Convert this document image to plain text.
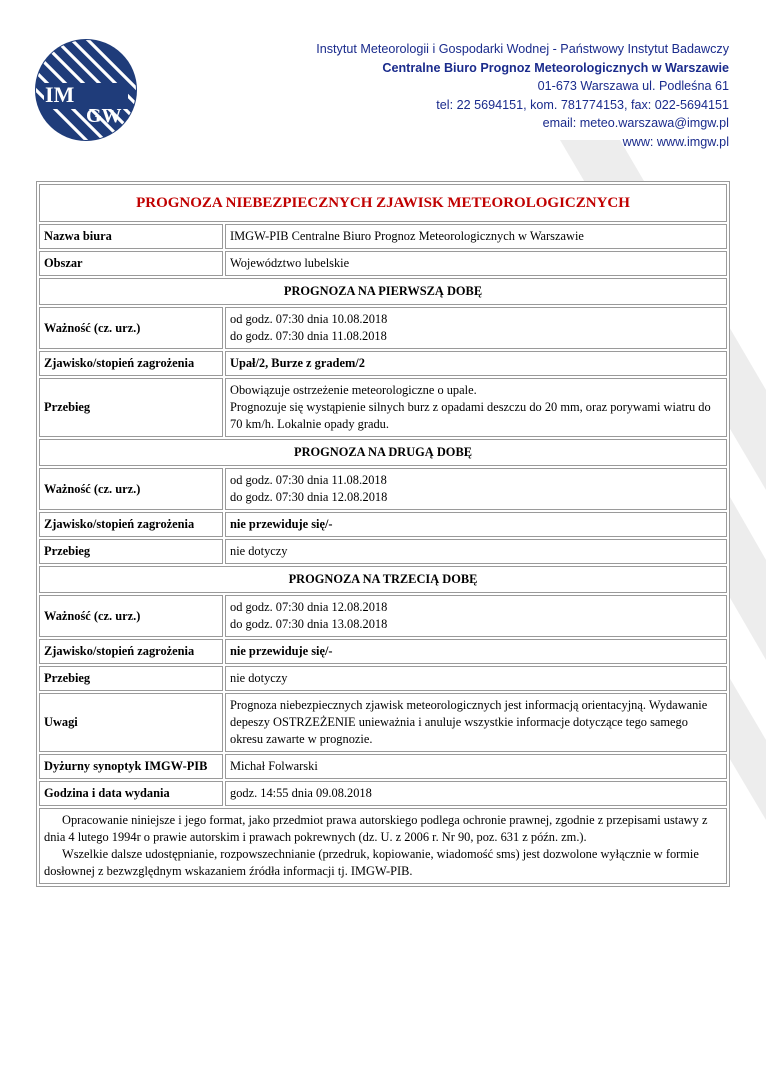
IM
GW
Instytut Meteorologii i Gospodarki Wodnej - Państwowy Instytut Badawczy
Centralne Biuro Prognoz Meteorologicznych w Warszawie
01-673 Warszawa ul. Podleśna 61
tel: 22 5694151, kom. 781774153, fax: 022-5694151
email: meteo.warszawa@imgw.pl
www: www.imgw.pl
PROGNOZA NIEBEZPIECZNYCH ZJAWISK METEOROLOGICZNYCH	
Nazwa biura	IMGW-PIB Centralne Biuro Prognoz Meteorologicznych w Warszawie
Obszar	Województwo lubelskie
PROGNOZA NA PIERWSZĄ DOBĘ	
Ważność (cz. urz.)	od godz. 07:30 dnia 10.08.2018
do godz. 07:30 dnia 11.08.2018

Zjawisko/stopień zagrożenia	Upał/2, Burze z gradem/2
Przebieg	Obowiązuje ostrzeżenie meteorologiczne o upale.
Prognozuje się wystąpienie silnych burz z opadami deszczu do 20 mm, oraz porywami wiatru do 70 km/h. Lokalnie opady gradu.

PROGNOZA NA DRUGĄ DOBĘ	
Ważność (cz. urz.)	od godz. 07:30 dnia 11.08.2018
do godz. 07:30 dnia 12.08.2018

Zjawisko/stopień zagrożenia	nie przewiduje się/-
Przebieg	nie dotyczy
PROGNOZA NA TRZECIĄ DOBĘ	
Ważność (cz. urz.)	od godz. 07:30 dnia 12.08.2018
do godz. 07:30 dnia 13.08.2018

Zjawisko/stopień zagrożenia	nie przewiduje się/-
Przebieg	nie dotyczy
Uwagi	Prognoza niebezpiecznych zjawisk meteorologicznych jest informacją orientacyjną. Wydawanie depeszy OSTRZEŻENIE unieważnia i anuluje wszystkie informacje dotyczące tego samego okresu zawarte w prognozie.
Dyżurny synoptyk IMGW-PIB	Michał Folwarski
Godzina i data wydania	godz. 14:55 dnia 09.08.2018

Opracowanie niniejsze i jego format, jako przedmiot prawa autorskiego podlega ochronie prawnej, zgodnie z przepisami ustawy z dnia 4 lutego 1994r o prawie autorskim i prawach pokrewnych (dz. U. z 2006 r. Nr 90, poz. 631 z późn. zm.).
Wszelkie dalsze udostępnianie, rozpowszechnianie (przedruk, kopiowanie, wiadomość sms) jest dozwolone wyłącznie w formie dosłownej z bezwzględnym wskazaniem źródła informacji tj. IMGW-PIB.	
